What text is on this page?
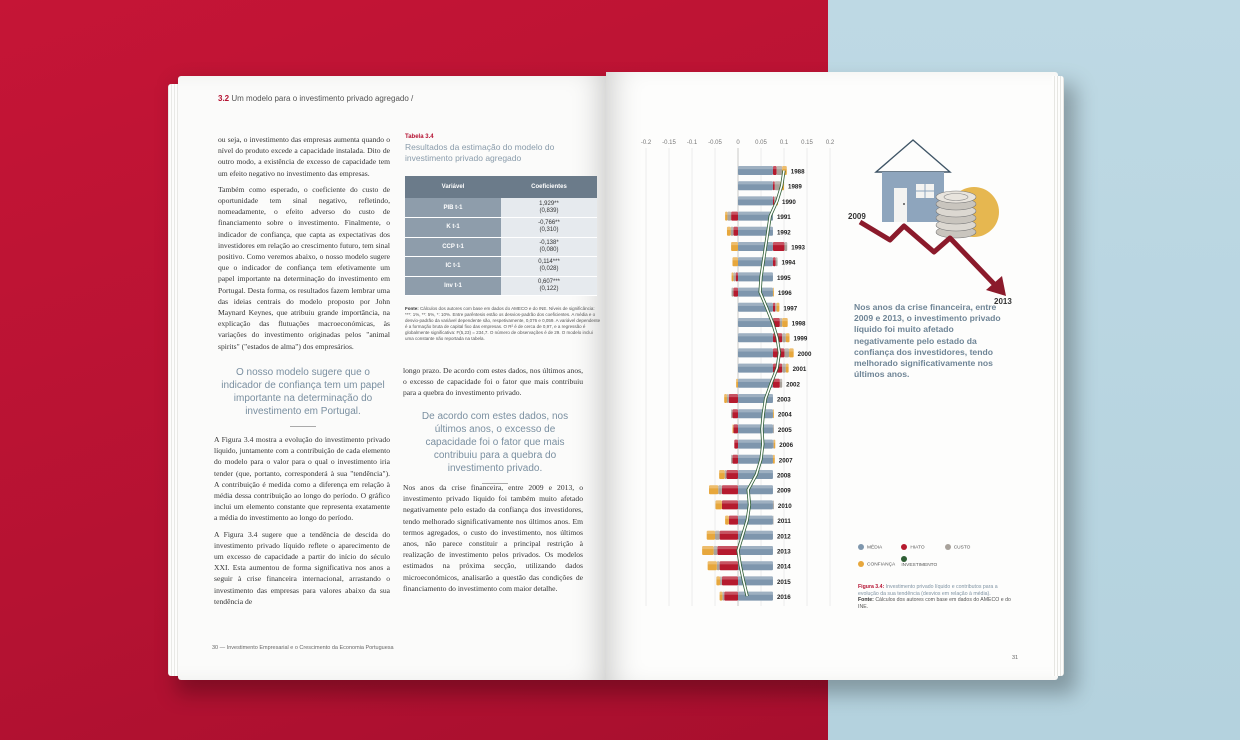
3.2 Um modelo para o investimento privado agregado /

ou seja, o investimento das empresas aumenta quando o nível do produto excede a capacidade instalada. Dito de outro modo, a existência de excesso de capacidade tem um efeito negativo no investimento das empresas.

Também como esperado, o coeficiente do custo de oportunidade tem sinal negativo, refletindo, nomeadamente, o efeito adverso do custo de financiamento sobre o investimento. Finalmente, o indicador de confiança, que capta as expectativas dos investidores em relação ao crescimento futuro, tem sinal positivo. Como veremos abaixo, o nosso modelo sugere que o indicador de confiança tem efetivamente um papel importante na determinação do investimento em Portugal. Desta forma, os resultados fazem lembrar uma das ideias centrais do modelo proposto por John Maynard Keynes, que atribuiu grande importância, na explicação das flutuações macroeconómicas, às variações do investimento originadas pelos "animal spirits" ("estados de alma") dos empresários.

O nosso modelo sugere que o indicador de confiança tem um papel importante na determinação do investimento em Portugal.

A Figura 3.4 mostra a evolução do investimento privado líquido, juntamente com a contribuição de cada elemento do modelo para o valor para o qual o investimento iria tender (que, portanto, corresponderá à sua "tendência"). A contribuição é medida como a diferença em relação à média dessa contribuição ao longo do período. O gráfico inclui um elemento constante que representa exatamente a média do investimento ao longo do período.

A Figura 3.4 sugere que a tendência de descida do investimento privado líquido reflete o aparecimento de um excesso de capacidade a partir do início do século XXI. Esta aumentou de forma significativa nos anos a seguir à crise financeira internacional, arrastando o investimento das empresas para valores abaixo da sua tendência de

Tabela 3.4
Resultados da estimação do modelo do investimento privado agregado
Variável	Coeficientes
PIB t-1	1,929**
(0,839)
K t-1	-0,766**
(0,310)
CCP t-1	-0,138*
(0,080)
IC t-1	0,114***
(0,028)
Inv t-1	0,607***
(0,122)
Fonte: Cálculos dos autores com base em dados do AMECO e do INE. Níveis de significância: ***: 1%, **: 5%, *: 10%. Entre parêntesis estão os desvios-padrão dos coeficientes. A média e o desvio-padrão da variável dependente são, respetivamente, 0,076 e 0,059. A variável dependente é a formação bruta de capital fixo das empresas. O R² é de cerca de 0,97, e a regressão é globalmente significativa: F(5,23) = 234,7. O número de observações é de 29. O modelo inclui uma constante não reportada na tabela.

longo prazo. De acordo com estes dados, nos últimos anos, o excesso de capacidade foi o fator que mais contribuiu para a quebra do investimento privado.

De acordo com estes dados, nos últimos anos, o excesso de capacidade foi o fator que mais contribuiu para a quebra do investimento privado.

Nos anos da crise financeira, entre 2009 e 2013, o investimento privado líquido foi também muito afetado negativamente pelo estado da confiança dos investidores, tendo melhorado significativamente nos últimos anos. Em termos agregados, o custo do investimento, nos últimos anos, não parece constituir a principal restrição à realização de investimento pelos privados. Os modelos estimados na próxima secção, utilizando dados microeconómicos, analisarão a questão das condições de financiamento do investimento com maior detalhe.

30 — Investimento Empresarial e o Crescimento da Economia Portuguesa
-0.2 -0.15 -0.1 -0.05 0	0.05 0.1 0.15 0.2
1988
1989
1990
1991
1992
1993
1994
1995
1996
1997
1998
1999
2000
2001
2002
2003
2004
2005
2006
2007
2008
2009
2010
2011
2012
2013
2014
2015
2016
2009
2013
Nos anos da crise financeira, entre 2009 e 2013, o investimento privado líquido foi muito afetado negativamente pelo estado da confiança dos investidores, tendo melhorado significativamente nos últimos anos.
MÉDIA	HIATO	CUSTO CONFIANÇA INVESTIMENTO
Figura 3.4: Investimento privado líquido e contributos para a evolução da sua tendência (desvios em relação à média).
Fonte: Cálculos dos autores com base em dados do AMECO e do INE.
31
